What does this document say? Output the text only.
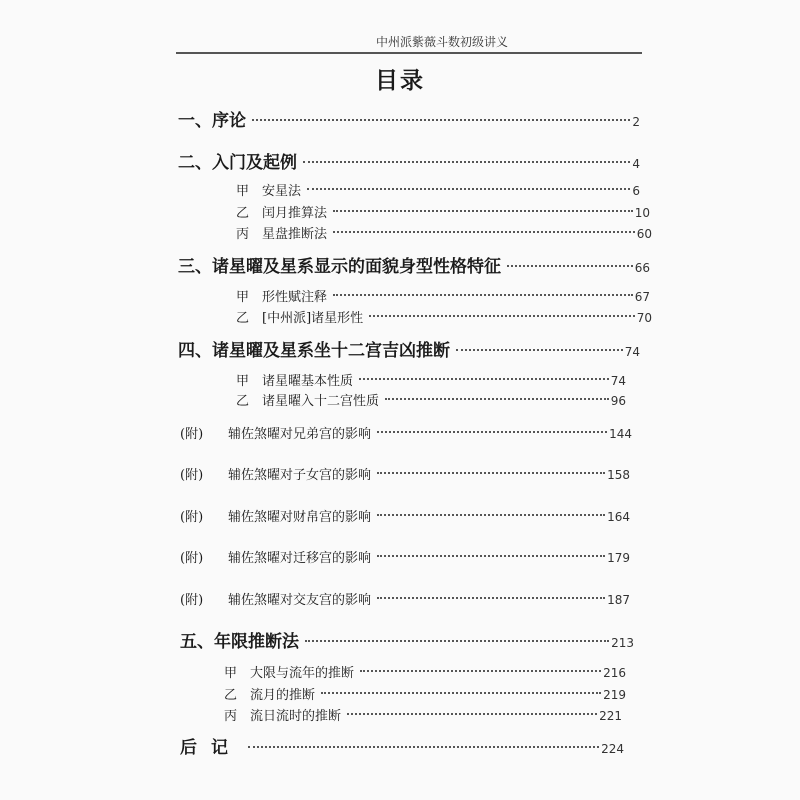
中州派紫薇斗数初级讲义
目录
一、序论	2
二、入门及起例	4
甲 安星法	6
乙 闰月推算法	10
丙 星盘推断法	60
三、诸星曜及星系显示的面貌身型性格特征	66
甲 形性赋注释	67
乙 [中州派]诸星形性	70
四、诸星曜及星系坐十二宫吉凶推断	74
甲 诸星曜基本性质	74
乙 诸星曜入十二宫性质	96
(附) 辅佐煞曜对兄弟宫的影响	144
(附) 辅佐煞曜对子女宫的影响	158
(附) 辅佐煞曜对财帛宫的影响	164
(附) 辅佐煞曜对迁移宫的影响	179
(附) 辅佐煞曜对交友宫的影响	187
五、年限推断法	213
甲 大限与流年的推断	216
乙 流月的推断	219
丙 流日流时的推断	221
后记	224
